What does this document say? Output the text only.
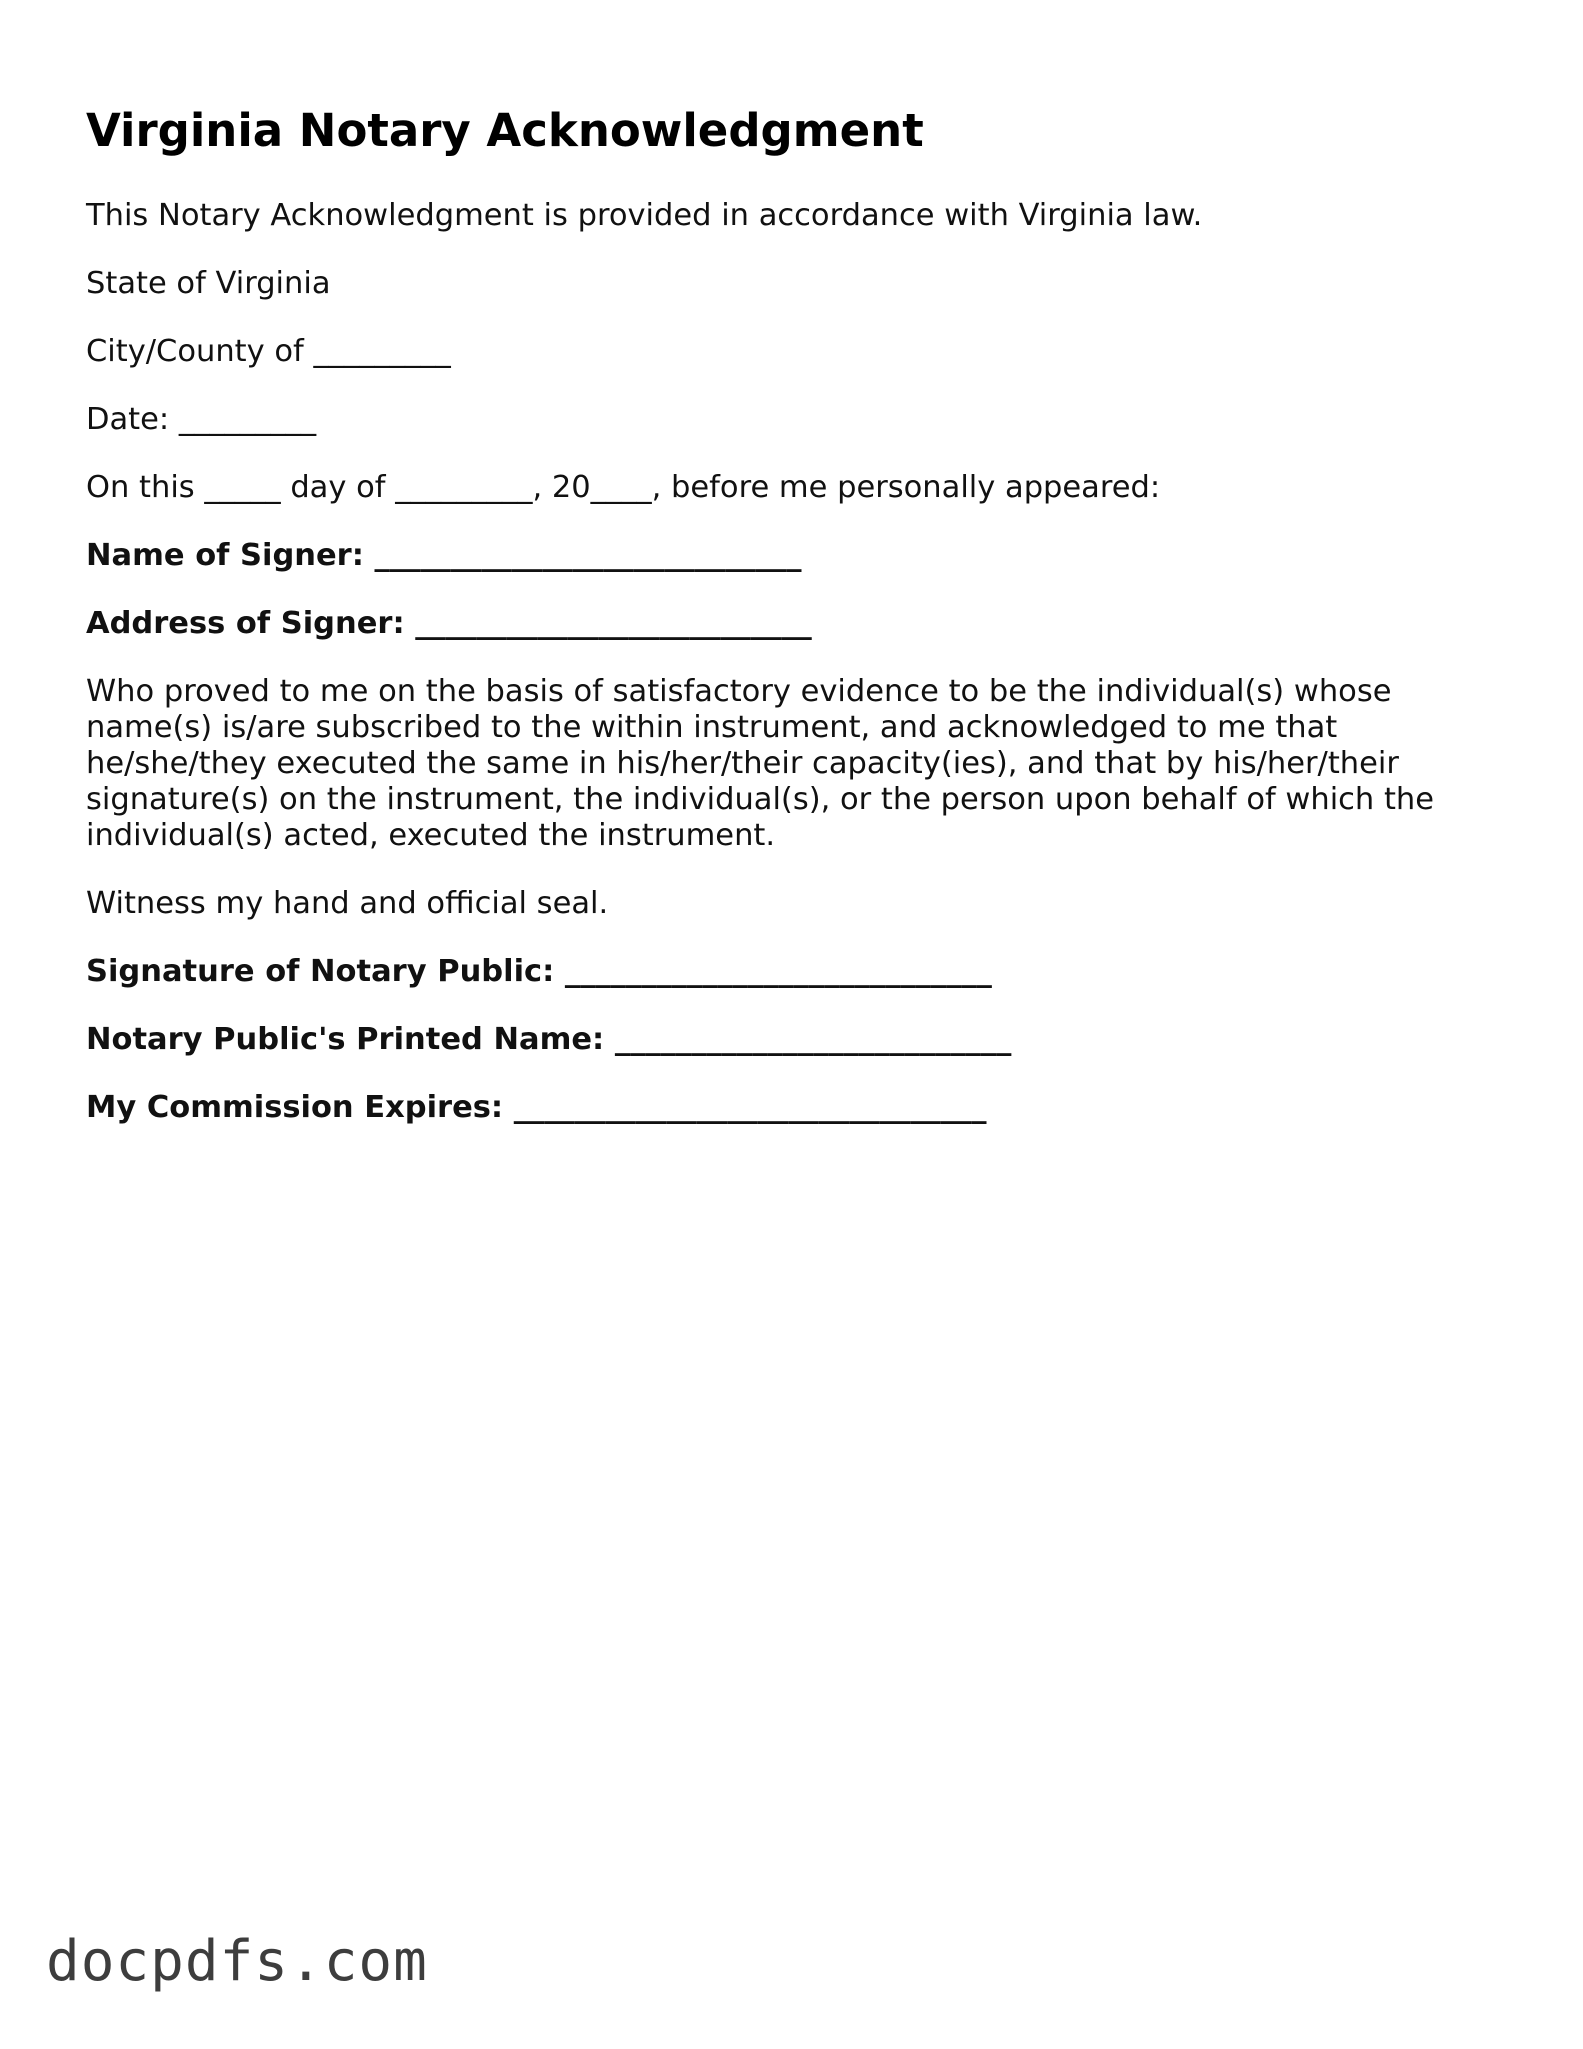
Virginia Notary Acknowledgment

This Notary Acknowledgment is provided in accordance with Virginia law.

State of Virginia

City/County of _________

Date: _________

On this _____ day of _________, 20____, before me personally appeared:

Name of Signer: ____________________________

Address of Signer: __________________________

Who proved to me on the basis of satisfactory evidence to be the individual(s) whose name(s) is/are subscribed to the within instrument, and acknowledged to me that he/she/they executed the same in his/her/their capacity(ies), and that by his/her/their signature(s) on the instrument, the individual(s), or the person upon behalf of which the individual(s) acted, executed the instrument.

Witness my hand and official seal.

Signature of Notary Public: ____________________________

Notary Public's Printed Name: __________________________

My Commission Expires: _______________________________

docpdfs.com
